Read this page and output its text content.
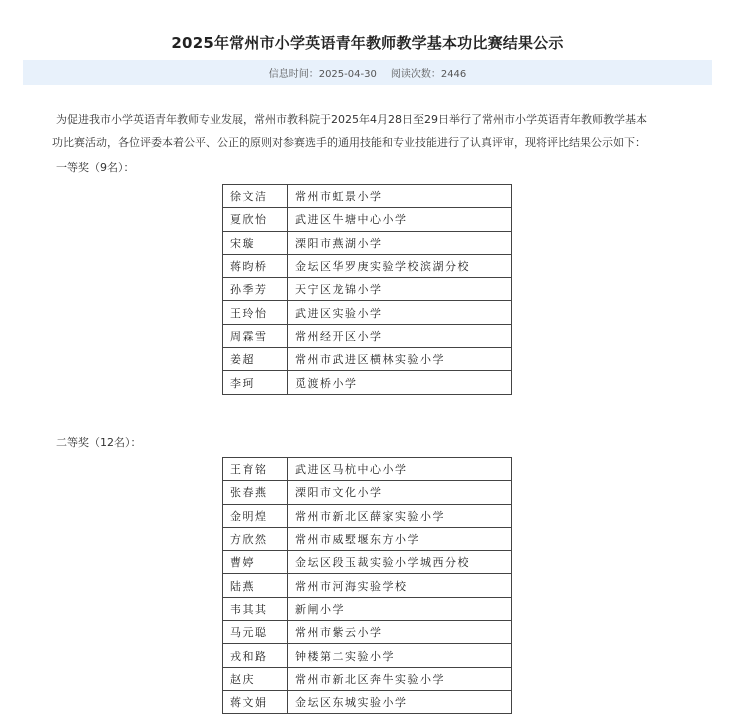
2025年常州市小学英语青年教师教学基本功比赛结果公示
信息时间：2025-04-30 阅读次数：2446

为促进我市小学英语青年教师专业发展，常州市教科院于2025年4月28日至29日举行了常州市小学英语青年教师教学基本

功比赛活动，各位评委本着公平、公正的原则对参赛选手的通用技能和专业技能进行了认真评审，现将评比结果公示如下：

一等奖（9名）：

徐文洁	常州市虹景小学
夏欣怡	武进区牛塘中心小学
宋璇	溧阳市燕湖小学
蒋昀桥	金坛区华罗庚实验学校滨湖分校
孙季芳	天宁区龙锦小学
王玲怡	武进区实验小学
周霖雪	常州经开区小学
姜超	常州市武进区横林实验小学
李珂	觅渡桥小学

二等奖（12名）：

王育铭	武进区马杭中心小学
张春燕	溧阳市文化小学
金明煌	常州市新北区薛家实验小学
方欣然	常州市威墅堰东方小学
曹婷	金坛区段玉裁实验小学城西分校
陆燕	常州市河海实验学校
韦其其	新闸小学
马元聪	常州市紫云小学
戎和路	钟楼第二实验小学
赵庆	常州市新北区奔牛实验小学
蒋文娟	金坛区东城实验小学
